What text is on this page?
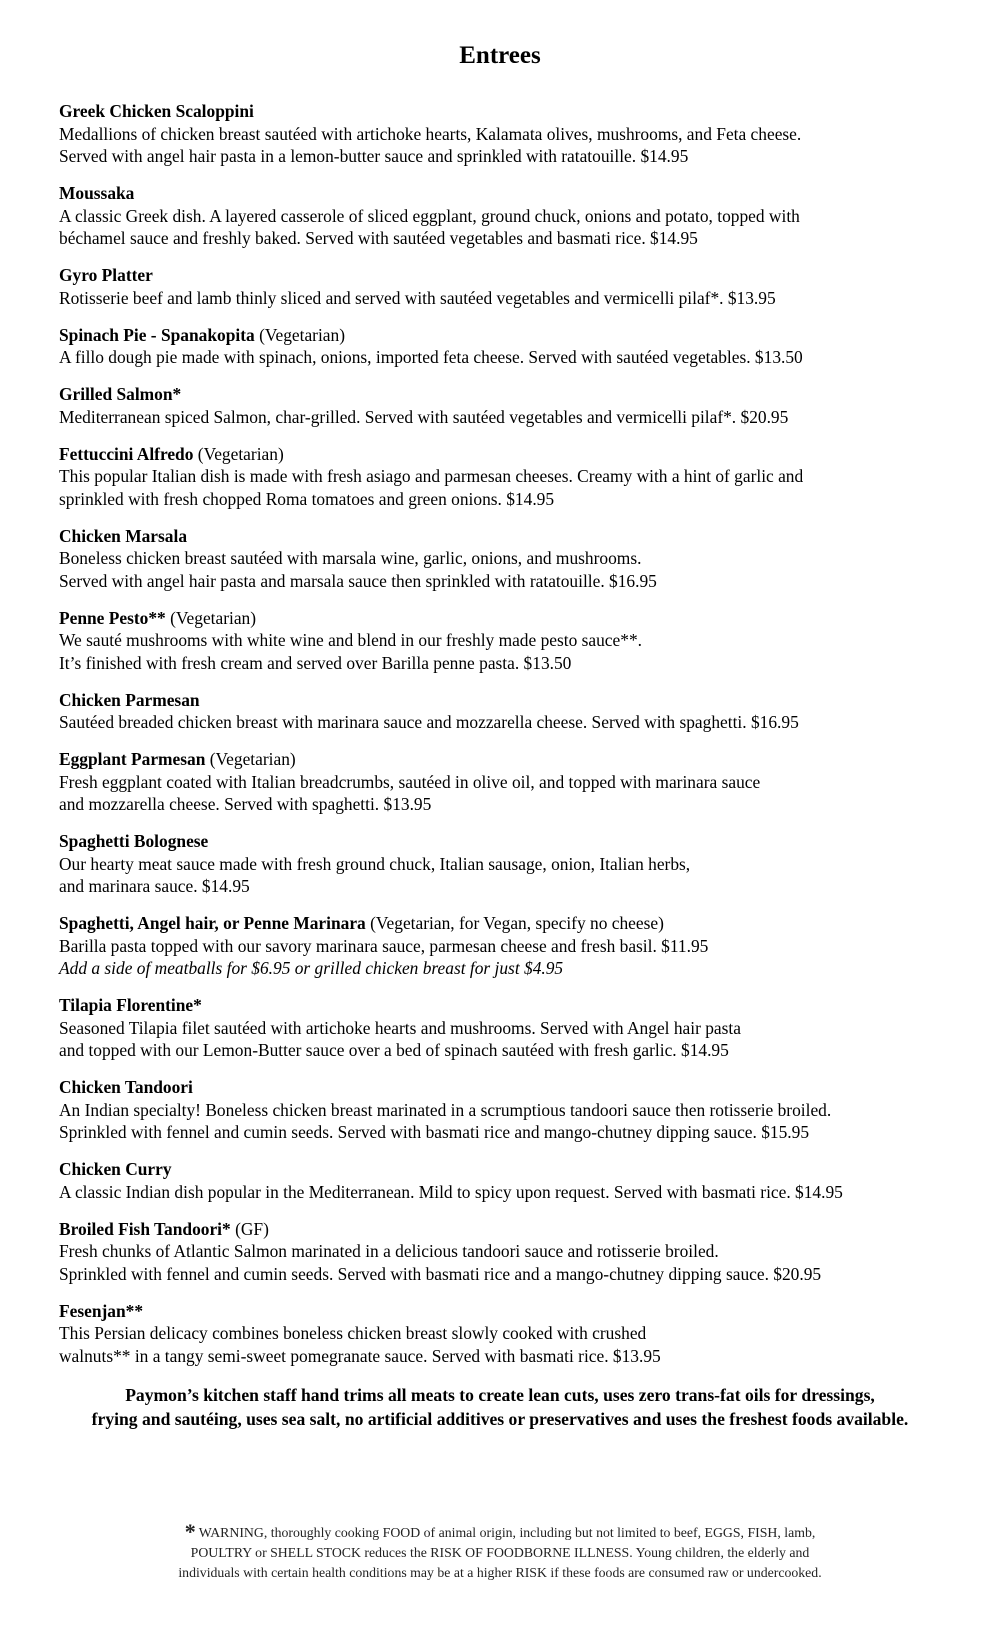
Entrees
Greek Chicken Scaloppini
Medallions of chicken breast sautéed with artichoke hearts, Kalamata olives, mushrooms, and Feta cheese.
Served with angel hair pasta in a lemon-butter sauce and sprinkled with ratatouille. $14.95
Moussaka
A classic Greek dish. A layered casserole of sliced eggplant, ground chuck, onions and potato, topped with
béchamel sauce and freshly baked. Served with sautéed vegetables and basmati rice. $14.95
Gyro Platter
Rotisserie beef and lamb thinly sliced and served with sautéed vegetables and vermicelli pilaf*. $13.95
Spinach Pie - Spanakopita (Vegetarian)
A fillo dough pie made with spinach, onions, imported feta cheese. Served with sautéed vegetables. $13.50
Grilled Salmon*
Mediterranean spiced Salmon, char-grilled. Served with sautéed vegetables and vermicelli pilaf*. $20.95
Fettuccini Alfredo (Vegetarian)
This popular Italian dish is made with fresh asiago and parmesan cheeses. Creamy with a hint of garlic and
sprinkled with fresh chopped Roma tomatoes and green onions. $14.95
Chicken Marsala
Boneless chicken breast sautéed with marsala wine, garlic, onions, and mushrooms.
Served with angel hair pasta and marsala sauce then sprinkled with ratatouille. $16.95
Penne Pesto** (Vegetarian)
We sauté mushrooms with white wine and blend in our freshly made pesto sauce**.
It’s finished with fresh cream and served over Barilla penne pasta. $13.50
Chicken Parmesan
Sautéed breaded chicken breast with marinara sauce and mozzarella cheese. Served with spaghetti. $16.95
Eggplant Parmesan (Vegetarian)
Fresh eggplant coated with Italian breadcrumbs, sautéed in olive oil, and topped with marinara sauce
and mozzarella cheese. Served with spaghetti. $13.95
Spaghetti Bolognese
Our hearty meat sauce made with fresh ground chuck, Italian sausage, onion, Italian herbs,
and marinara sauce. $14.95
Spaghetti, Angel hair, or Penne Marinara (Vegetarian, for Vegan, specify no cheese)
Barilla pasta topped with our savory marinara sauce, parmesan cheese and fresh basil. $11.95
Add a side of meatballs for $6.95 or grilled chicken breast for just $4.95
Tilapia Florentine*
Seasoned Tilapia filet sautéed with artichoke hearts and mushrooms. Served with Angel hair pasta
and topped with our Lemon-Butter sauce over a bed of spinach sautéed with fresh garlic. $14.95
Chicken Tandoori
An Indian specialty! Boneless chicken breast marinated in a scrumptious tandoori sauce then rotisserie broiled.
Sprinkled with fennel and cumin seeds. Served with basmati rice and mango-chutney dipping sauce. $15.95
Chicken Curry
A classic Indian dish popular in the Mediterranean. Mild to spicy upon request. Served with basmati rice. $14.95
Broiled Fish Tandoori* (GF)
Fresh chunks of Atlantic Salmon marinated in a delicious tandoori sauce and rotisserie broiled.
Sprinkled with fennel and cumin seeds. Served with basmati rice and a mango-chutney dipping sauce. $20.95
Fesenjan**
This Persian delicacy combines boneless chicken breast slowly cooked with crushed
walnuts** in a tangy semi-sweet pomegranate sauce. Served with basmati rice. $13.95
Paymon’s kitchen staff hand trims all meats to create lean cuts, uses zero trans-fat oils for dressings,
frying and sautéing, uses sea salt, no artificial additives or preservatives and uses the freshest foods available.
* WARNING, thoroughly cooking FOOD of animal origin, including but not limited to beef, EGGS, FISH, lamb,
POULTRY or SHELL STOCK reduces the RISK OF FOODBORNE ILLNESS. Young children, the elderly and
individuals with certain health conditions may be at a higher RISK if these foods are consumed raw or undercooked.
